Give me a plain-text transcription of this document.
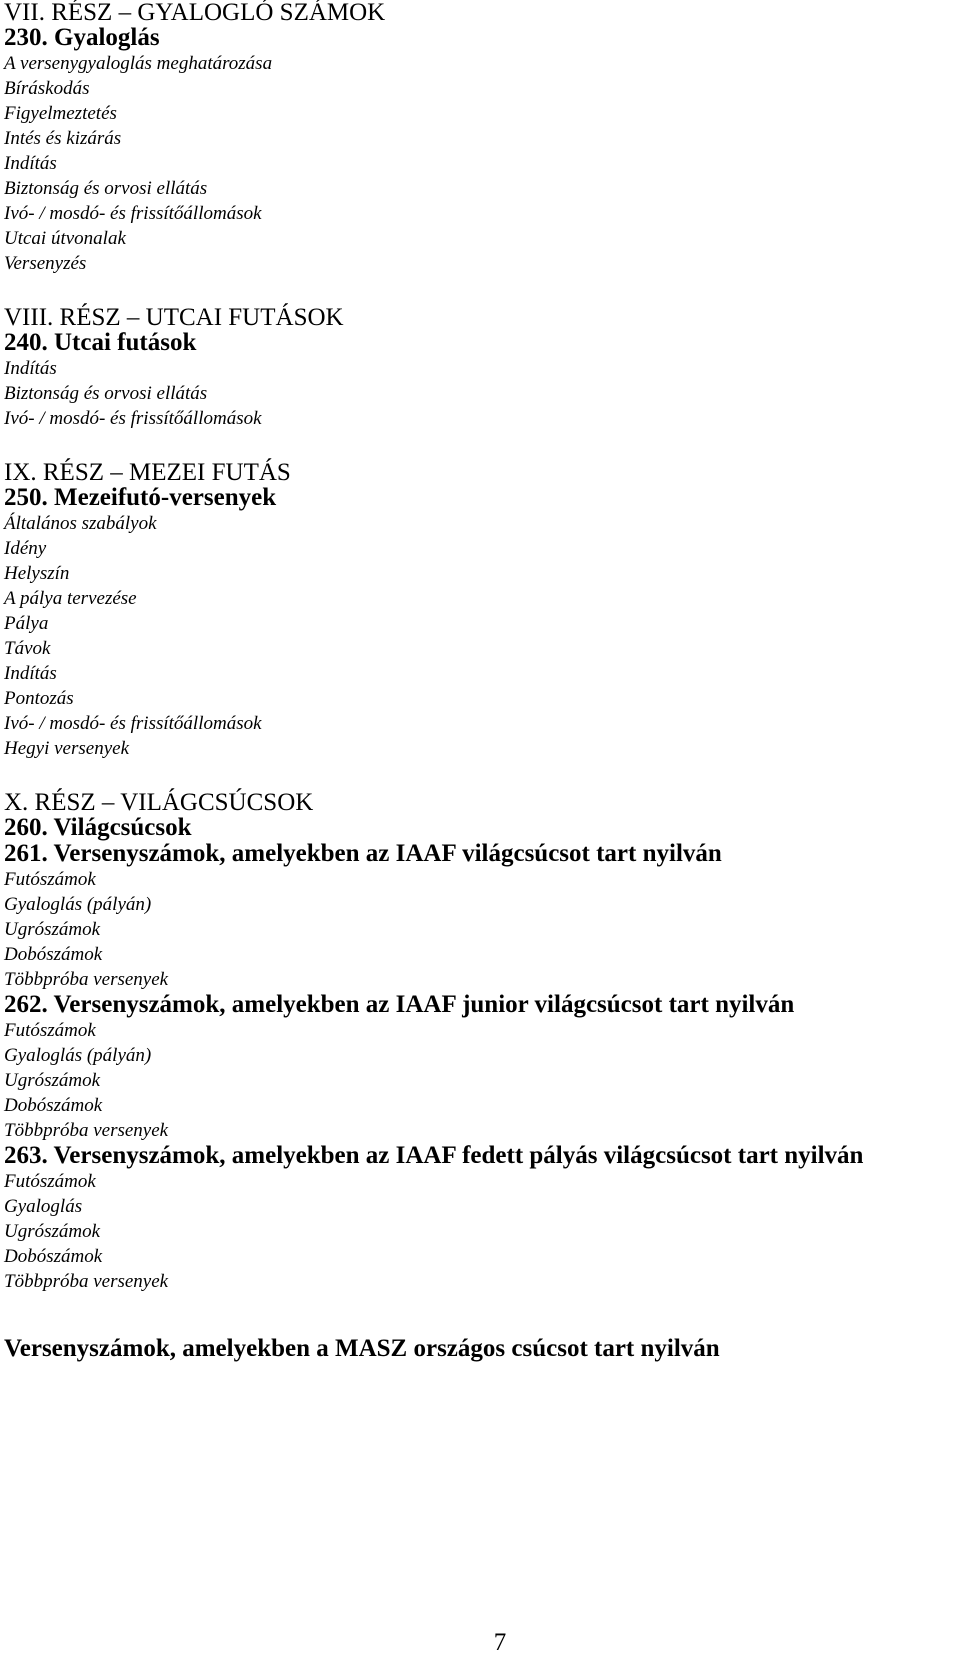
VII. RÉSZ – GYALOGLÓ SZÁMOK
230. Gyaloglás
A versenygyaloglás meghatározása
Bíráskodás
Figyelmeztetés
Intés és kizárás
Indítás
Biztonság és orvosi ellátás
Ivó- / mosdó- és frissítőállomások
Utcai útvonalak
Versenyzés
VIII. RÉSZ – UTCAI FUTÁSOK
240. Utcai futások
Indítás
Biztonság és orvosi ellátás
Ivó- / mosdó- és frissítőállomások
IX. RÉSZ – MEZEI FUTÁS
250. Mezeifutó-versenyek
Általános szabályok
Idény
Helyszín
A pálya tervezése
Pálya
Távok
Indítás
Pontozás
Ivó- / mosdó- és frissítőállomások
Hegyi versenyek
X. RÉSZ – VILÁGCSÚCSOK
260. Világcsúcsok
261. Versenyszámok, amelyekben az IAAF világcsúcsot tart nyilván
Futószámok
Gyaloglás (pályán)
Ugrószámok
Dobószámok
Többpróba versenyek
262. Versenyszámok, amelyekben az IAAF junior világcsúcsot tart nyilván
Futószámok
Gyaloglás (pályán)
Ugrószámok
Dobószámok
Többpróba versenyek
263. Versenyszámok, amelyekben az IAAF fedett pályás világcsúcsot tart nyilván
Futószámok
Gyaloglás
Ugrószámok
Dobószámok
Többpróba versenyek
Versenyszámok, amelyekben a MASZ országos csúcsot tart nyilván
7
